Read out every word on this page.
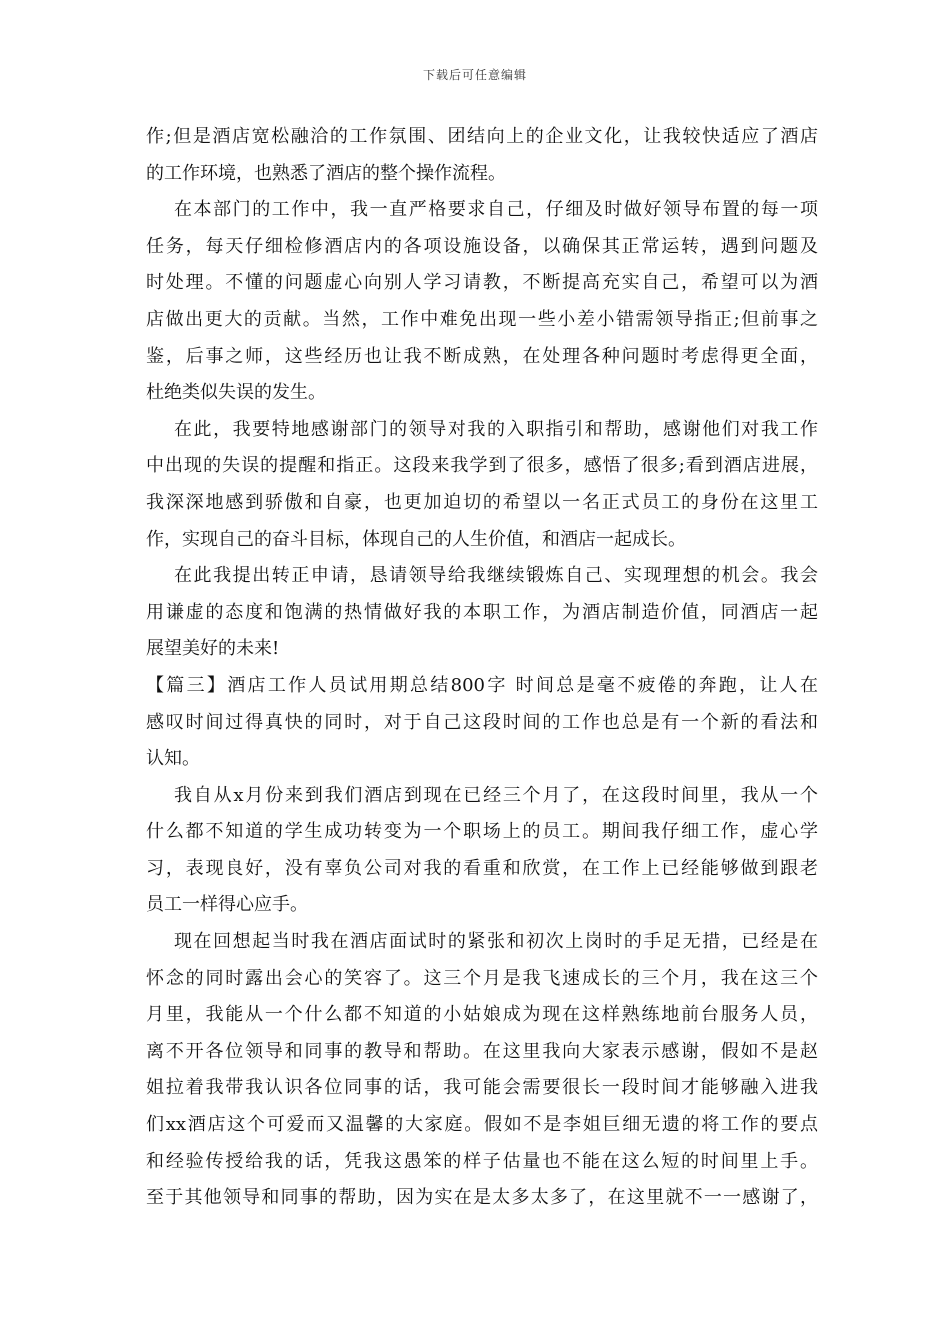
下载后可任意编辑
作;但是酒店宽松融洽的工作氛围、团结向上的企业文化，让我较快适应了酒店
的工作环境，也熟悉了酒店的整个操作流程。
在本部门的工作中，我一直严格要求自己，仔细及时做好领导布置的每一项
任务，每天仔细检修酒店内的各项设施设备，以确保其正常运转，遇到问题及
时处理。不懂的问题虚心向别人学习请教，不断提高充实自己，希望可以为酒
店做出更大的贡献。当然，工作中难免出现一些小差小错需领导指正;但前事之
鉴，后事之师，这些经历也让我不断成熟，在处理各种问题时考虑得更全面，
杜绝类似失误的发生。
在此，我要特地感谢部门的领导对我的入职指引和帮助，感谢他们对我工作
中出现的失误的提醒和指正。这段来我学到了很多，感悟了很多;看到酒店进展，
我深深地感到骄傲和自豪，也更加迫切的希望以一名正式员工的身份在这里工
作，实现自己的奋斗目标，体现自己的人生价值，和酒店一起成长。
在此我提出转正申请，恳请领导给我继续锻炼自己、实现理想的机会。我会
用谦虚的态度和饱满的热情做好我的本职工作，为酒店制造价值，同酒店一起
展望美好的未来!
【篇三】酒店工作人员试用期总结800字 时间总是毫不疲倦的奔跑，让人在
感叹时间过得真快的同时，对于自己这段时间的工作也总是有一个新的看法和
认知。
我自从x月份来到我们酒店到现在已经三个月了，在这段时间里，我从一个
什么都不知道的学生成功转变为一个职场上的员工。期间我仔细工作，虚心学
习，表现良好，没有辜负公司对我的看重和欣赏，在工作上已经能够做到跟老
员工一样得心应手。
现在回想起当时我在酒店面试时的紧张和初次上岗时的手足无措，已经是在
怀念的同时露出会心的笑容了。这三个月是我飞速成长的三个月，我在这三个
月里，我能从一个什么都不知道的小姑娘成为现在这样熟练地前台服务人员，
离不开各位领导和同事的教导和帮助。在这里我向大家表示感谢，假如不是赵
姐拉着我带我认识各位同事的话，我可能会需要很长一段时间才能够融入进我
们xx酒店这个可爱而又温馨的大家庭。假如不是李姐巨细无遗的将工作的要点
和经验传授给我的话，凭我这愚笨的样子估量也不能在这么短的时间里上手。
至于其他领导和同事的帮助，因为实在是太多太多了，在这里就不一一感谢了，
